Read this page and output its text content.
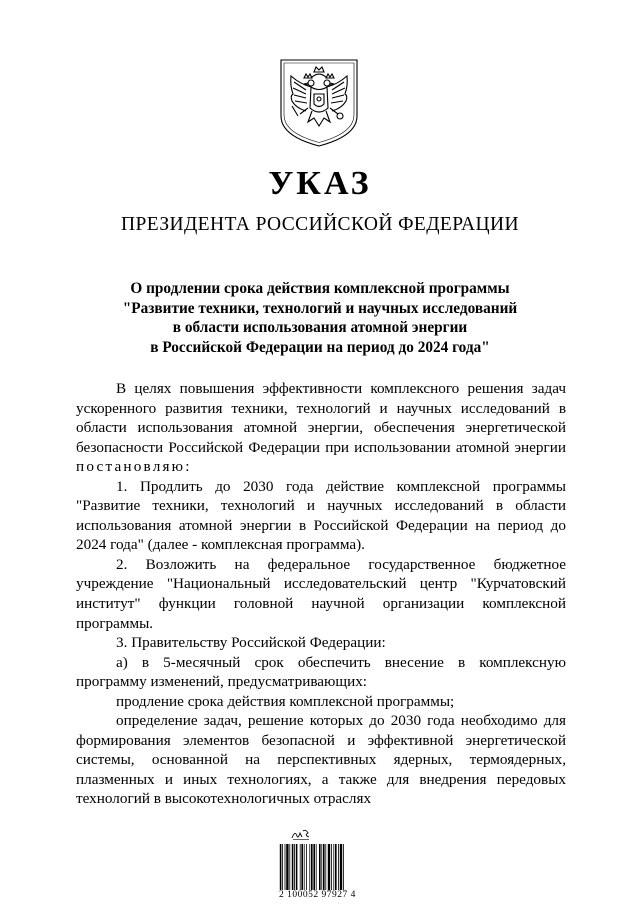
УКАЗ
ПРЕЗИДЕНТА РОССИЙСКОЙ ФЕДЕРАЦИИ
О продлении срока действия комплексной программы
"Развитие техники, технологий и научных исследований
в области использования атомной энергии
в Российской Федерации на период до 2024 года"

В целях повышения эффективности комплексного решения задач ускоренного развития техники, технологий и научных исследований в области использования атомной энергии, обеспечения энергетической безопасности Российской Федерации при использовании атомной энергии постановляю:

1. Продлить до 2030 года действие комплексной программы "Развитие техники, технологий и научных исследований в области использования атомной энергии в Российской Федерации на период до 2024 года" (далее - комплексная программа).

2. Возложить на федеральное государственное бюджетное учреждение "Национальный исследовательский центр "Курчатовский институт" функции головной научной организации комплексной программы.

3. Правительству Российской Федерации:

а) в 5-месячный срок обеспечить внесение в комплексную программу изменений, предусматривающих:

продление срока действия комплексной программы;

определение задач, решение которых до 2030 года необходимо для формирования элементов безопасной и эффективной энергетической системы, основанной на перспективных ядерных, термоядерных, плазменных и иных технологиях, а также для внедрения передовых технологий в высокотехнологичных отраслях

2 100052 97927 4
